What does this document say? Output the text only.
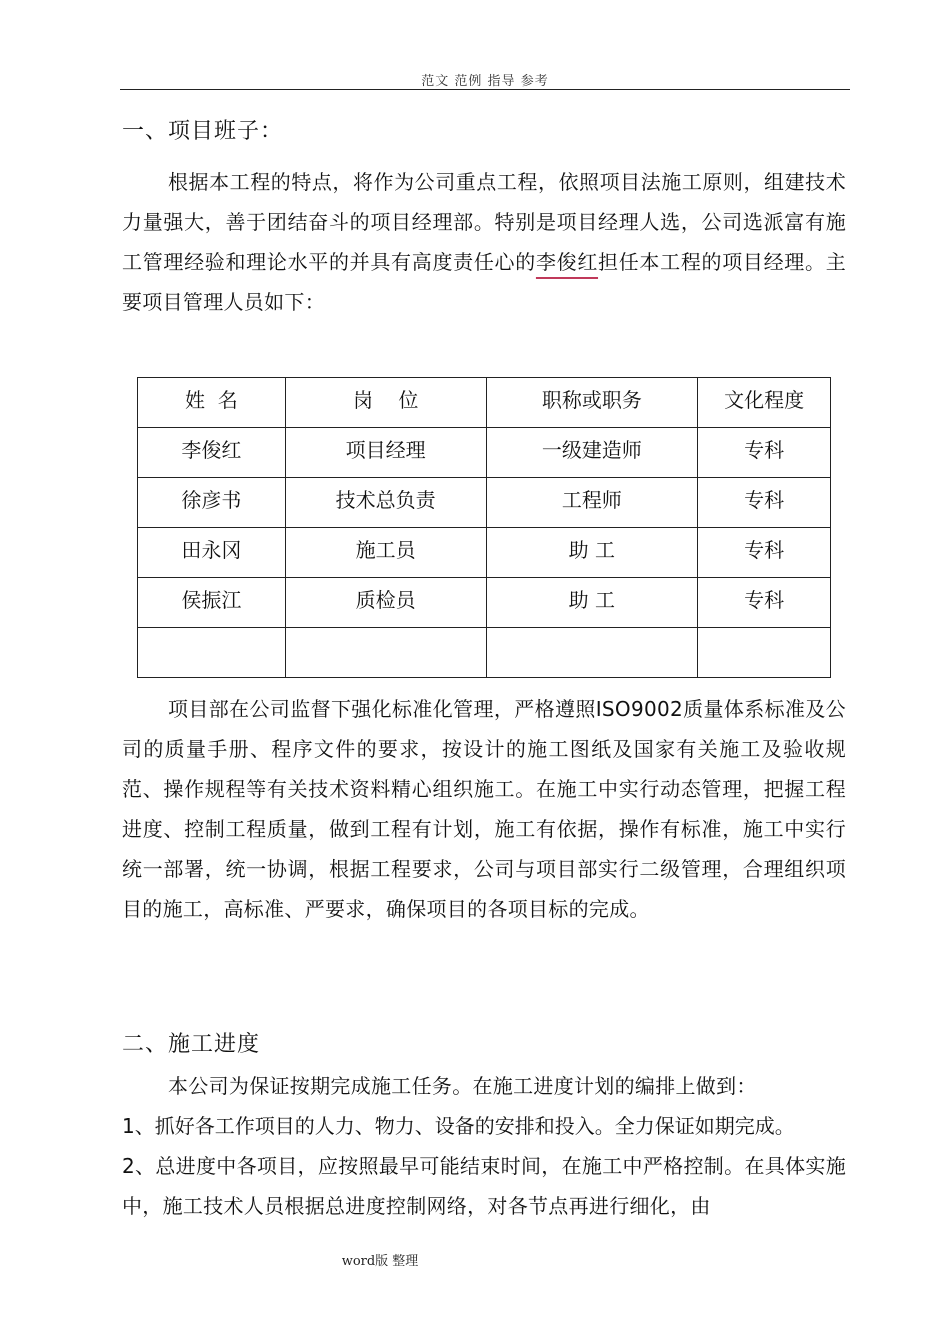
范文 范例 指导 参考
一、项目班子：

根据本工程的特点，将作为公司重点工程，依照项目法施工原则，组建技术力量强大，善于团结奋斗的项目经理部。特别是项目经理人选，公司选派富有施工管理经验和理论水平的并具有高度责任心的李俊红担任本工程的项目经理。主要项目管理人员如下：

姓  名	岗    位	职称或职务	文化程度
李俊红	项目经理	一级建造师	专科
徐彦书	技术总负责	工程师	专科
田永冈	施工员	助 工	专科
侯振江	质检员	助 工	专科

项目部在公司监督下强化标准化管理，严格遵照ISO9002质量体系标准及公司的质量手册、程序文件的要求，按设计的施工图纸及国家有关施工及验收规范、操作规程等有关技术资料精心组织施工。在施工中实行动态管理，把握工程进度、控制工程质量，做到工程有计划，施工有依据，操作有标准，施工中实行统一部署，统一协调，根据工程要求，公司与项目部实行二级管理，合理组织项目的施工，高标准、严要求，确保项目的各项目标的完成。

二、施工进度

本公司为保证按期完成施工任务。在施工进度计划的编排上做到：

1、抓好各工作项目的人力、物力、设备的安排和投入。全力保证如期完成。

2、总进度中各项目，应按照最早可能结束时间，在施工中严格控制。在具体实施中，施工技术人员根据总进度控制网络，对各节点再进行细化，由

word版 整理
